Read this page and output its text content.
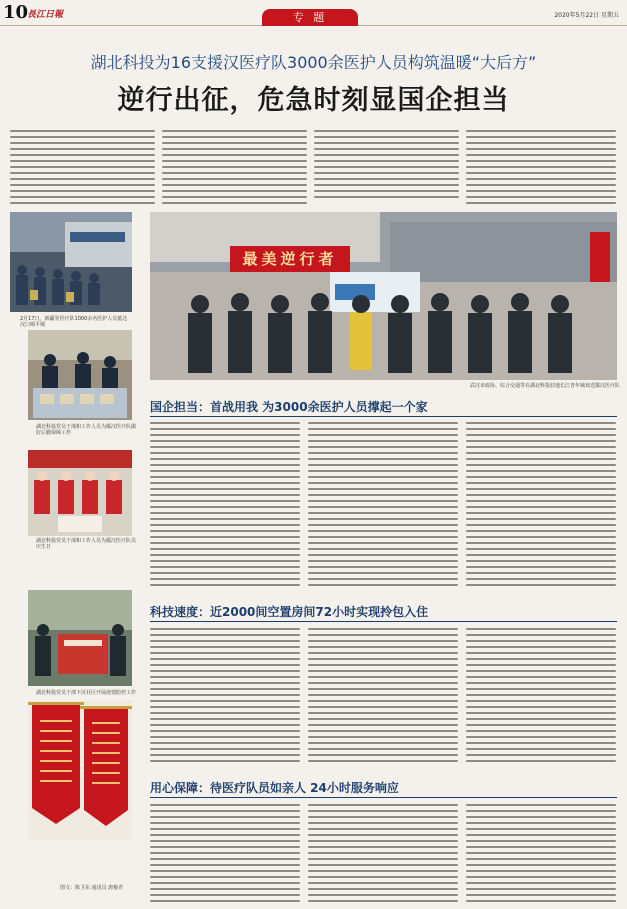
10
長江日報	专 题	2020年5月22日 星期五
湖北科投为16支援汉医疗队3000余医护人员构筑温暖“大后方”
逆行出征，危急时刻显国企担当
2月17日，新疆等医疗队1000余名医护人员抵达汉口锦平城
湖北科投党员干部和工作人员为援汉医疗队做好后勤保障工作
湖北科投党员干部和工作人员为援汉医疗队员庆生日
湖北科投党员干部下沉社区开展疫情防控工作
图文：陈卫东 通讯员 唐俊青
最美逆行者
武汉市政协、综合交通等在湖北科投驻地长江青年城欢送援汉医疗队
国企担当：首战用我 为3000余医护人员撑起一个家
科技速度：近2000间空置房间72小时实现拎包入住
用心保障：待医疗队员如亲人 24小时服务响应
